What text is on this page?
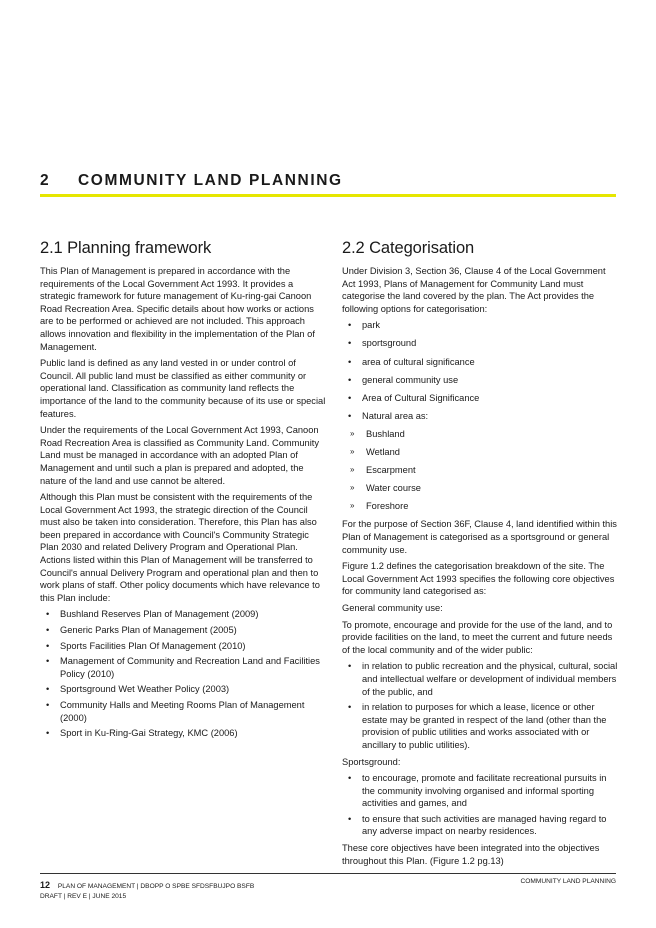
2	COMMUNITY LAND PLANNING
2.1 Planning framework

This Plan of Management is prepared in accordance with the requirements of the Local Government Act 1993. It provides a strategic framework for future management of Ku-ring-gai Canoon Road Recreation Area. Specific details about how works or actions are to be performed or achieved are not included. This approach allows innovation and flexibility in the implementation of the Plan of Management.

Public land is defined as any land vested in or under control of Council. All public land must be classified as either community or operational land. Classification as community land reflects the importance of the land to the community because of its use or special features.

Under the requirements of the Local Government Act 1993, Canoon Road Recreation Area is classified as Community Land. Community Land must be managed in accordance with an adopted Plan of Management and until such a plan is prepared and adopted, the nature of the land and use cannot be altered.

Although this Plan must be consistent with the requirements of the Local Government Act 1993, the strategic direction of the Council must also be taken into consideration. Therefore, this Plan has also been prepared in accordance with Council's Community Strategic Plan 2030 and related Delivery Program and Operational Plan. Actions listed within this Plan of Management will be transferred to Council's annual Delivery Program and operational plan and then to work plans of staff. Other policy documents which have relevance to this Plan include:

• Bushland Reserves Plan of Management (2009)
• Generic Parks Plan of Management (2005)
• Sports Facilities Plan Of Management (2010)
• Management of Community and Recreation Land and Facilities Policy (2010)
• Sportsground Wet Weather Policy (2003)
• Community Halls and Meeting Rooms Plan of Management (2000)
• Sport in Ku-Ring-Gai Strategy, KMC (2006)
2.2 Categorisation

Under Division 3, Section 36, Clause 4 of the Local Government Act 1993, Plans of Management for Community Land must categorise the land covered by the plan. The Act provides the following options for categorisation:

• park
• sportsground
• area of cultural significance
• general community use
• Area of Cultural Significance
• Natural area as:
» Bushland
» Wetland
» Escarpment
» Water course
» Foreshore

For the purpose of Section 36F, Clause 4, land identified within this Plan of Management is categorised as a sportsground or general community use.

Figure 1.2 defines the categorisation breakdown of the site. The Local Government Act 1993 specifies the following core objectives for community land categorised as:

General community use:

To promote, encourage and provide for the use of the land, and to provide facilities on the land, to meet the current and future needs of the local community and of the wider public:

• in relation to public recreation and the physical, cultural, social and intellectual welfare or development of individual members of the public, and
• in relation to purposes for which a lease, licence or other estate may be granted in respect of the land (other than the provision of public utilities and works associated with or ancillary to public utilities).

Sportsground:

• to encourage, promote and facilitate recreational pursuits in the community involving organised and informal sporting activities and games, and
• to ensure that such activities are managed having regard to any adverse impact on nearby residences.

These core objectives have been integrated into the objectives throughout this Plan. (Figure 1.2 pg.13)

12 PLAN OF MANAGEMENT | DBOPP O SPBE SFDSFBUJPO BSFB
DRAFT | REV E | JUNE 2015
COMMUNITY LAND PLANNING
